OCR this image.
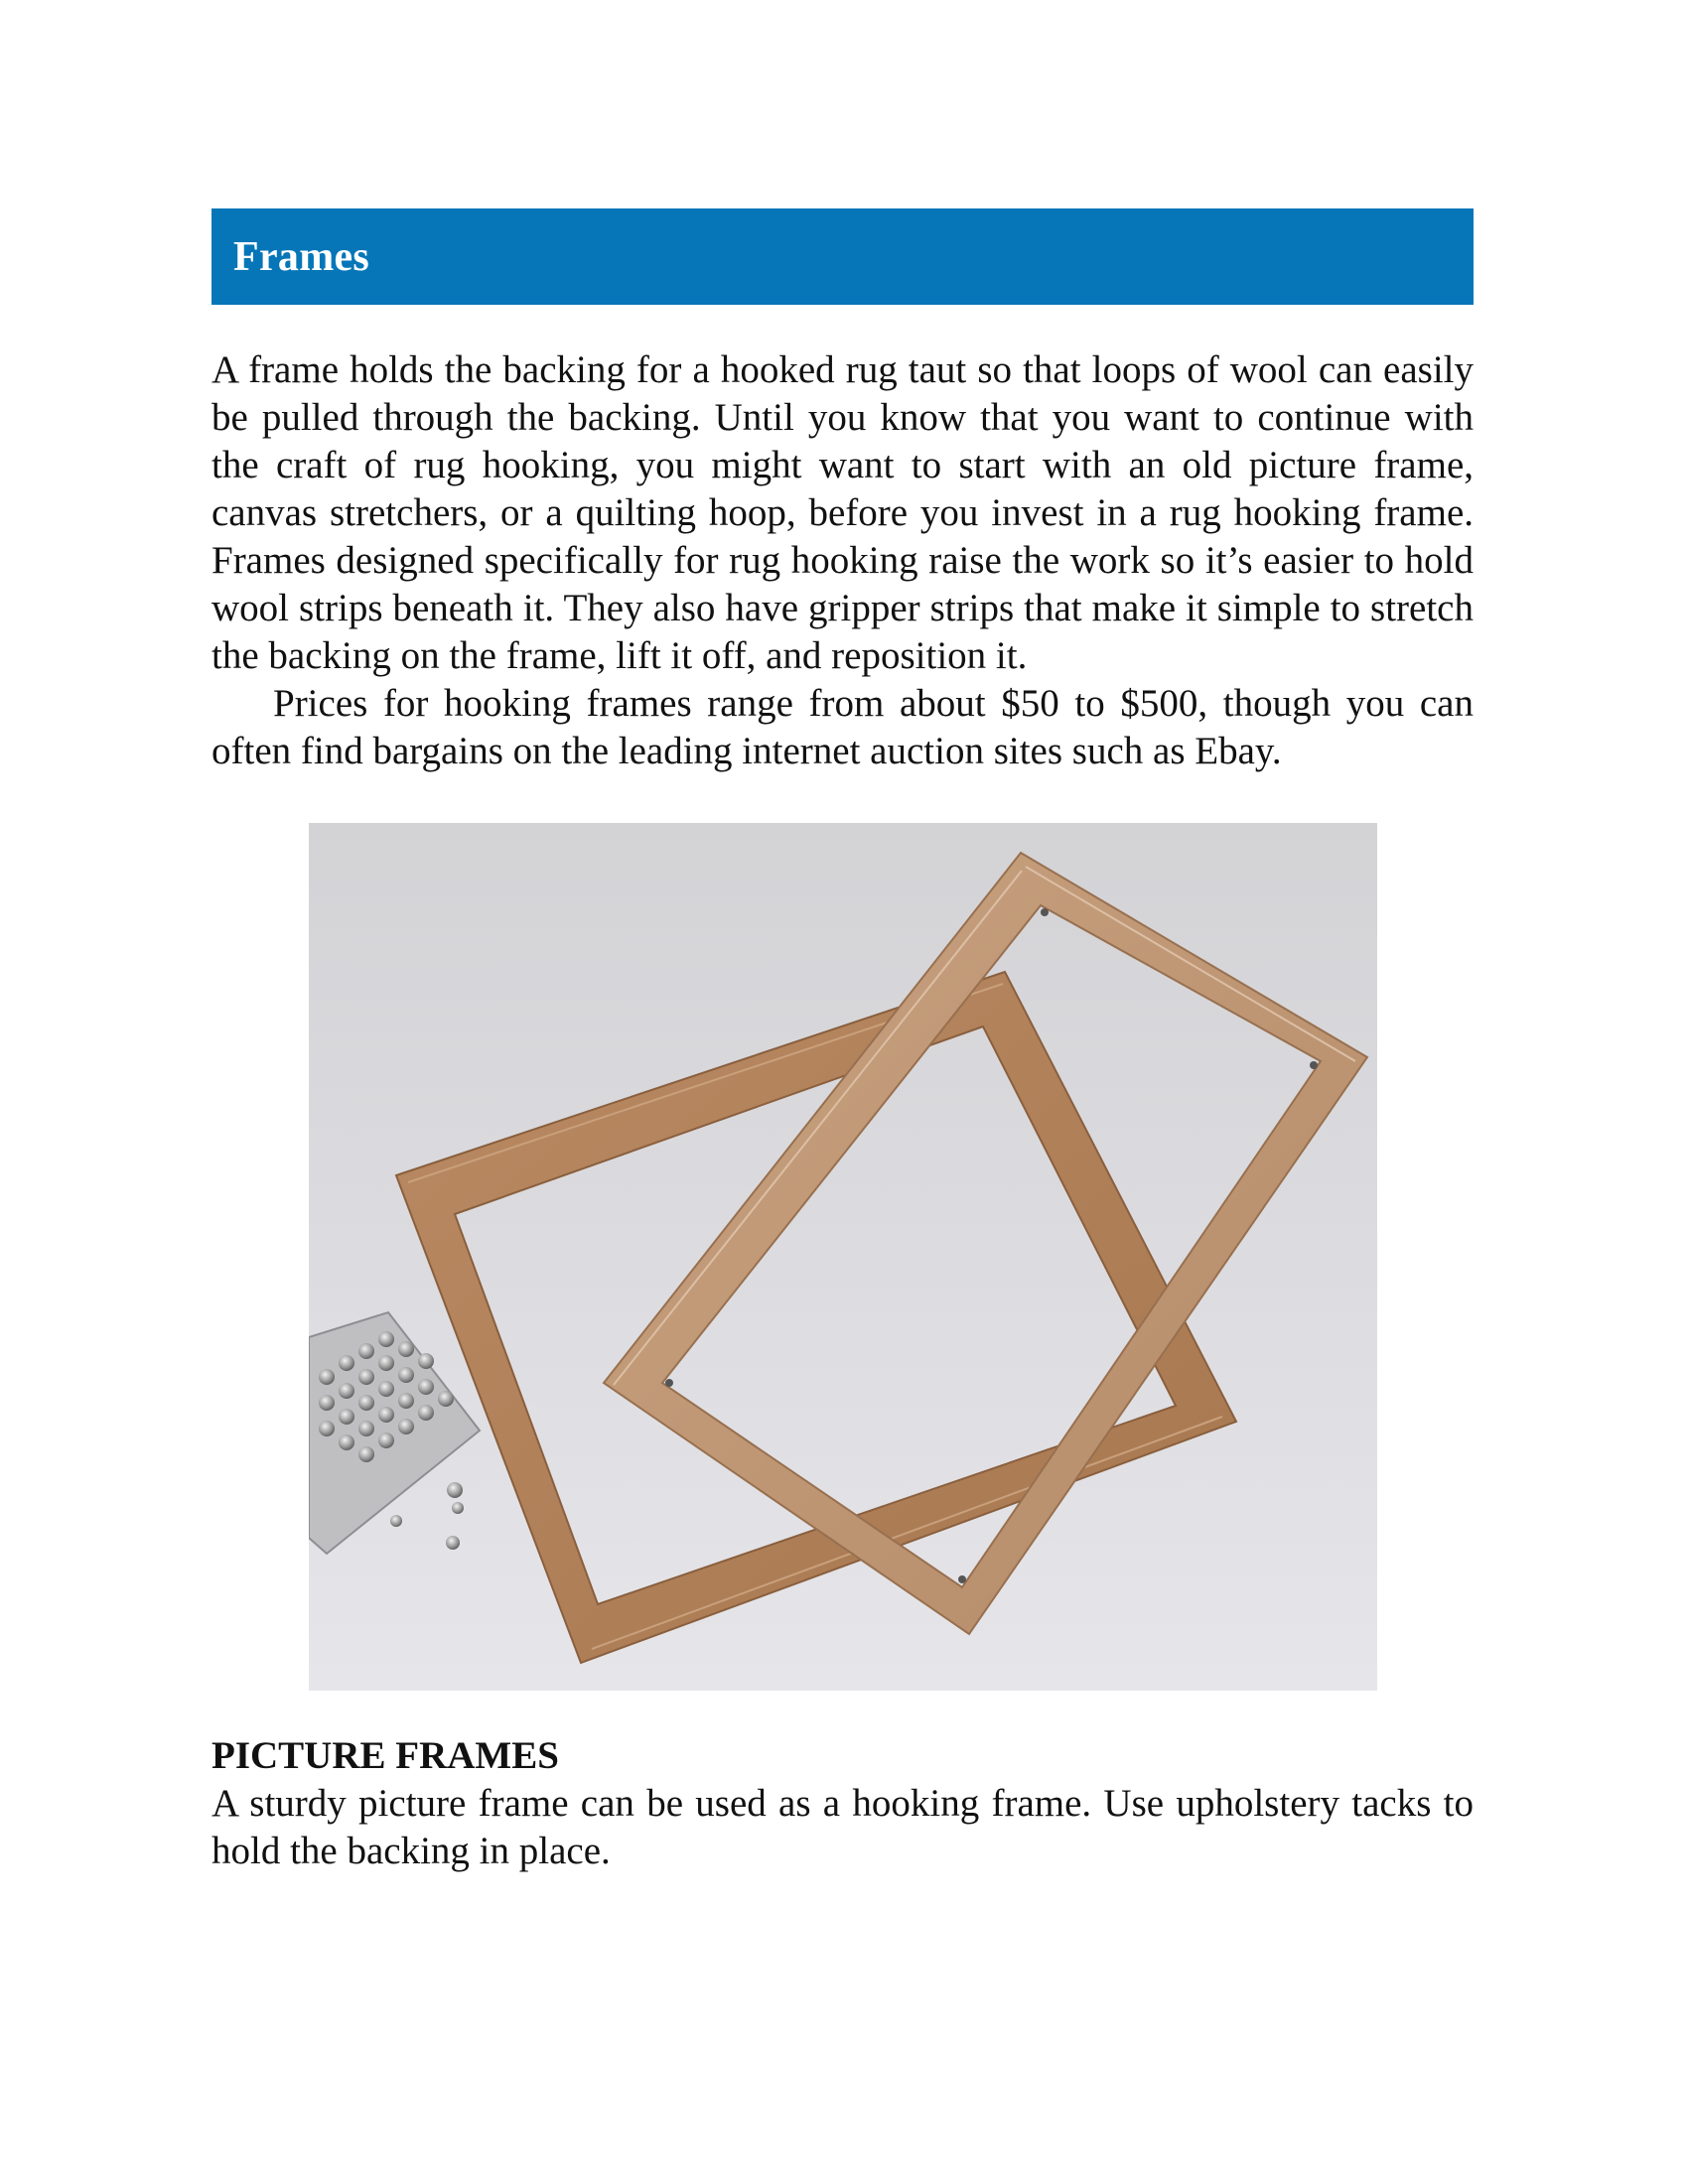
Frames

A frame holds the backing for a hooked rug taut so that loops of wool can easily be pulled through the backing. Until you know that you want to continue with the craft of rug hooking, you might want to start with an old picture frame, canvas stretchers, or a quilting hoop, before you invest in a rug hooking frame. Frames designed specifically for rug hooking raise the work so it’s easier to hold wool strips beneath it. They also have gripper strips that make it simple to stretch the backing on the frame, lift it off, and reposition it.

Prices for hooking frames range from about $50 to $500, though you can often find bargains on the leading internet auction sites such as Ebay.

PICTURE FRAMES

A sturdy picture frame can be used as a hooking frame. Use upholstery tacks to hold the backing in place.
